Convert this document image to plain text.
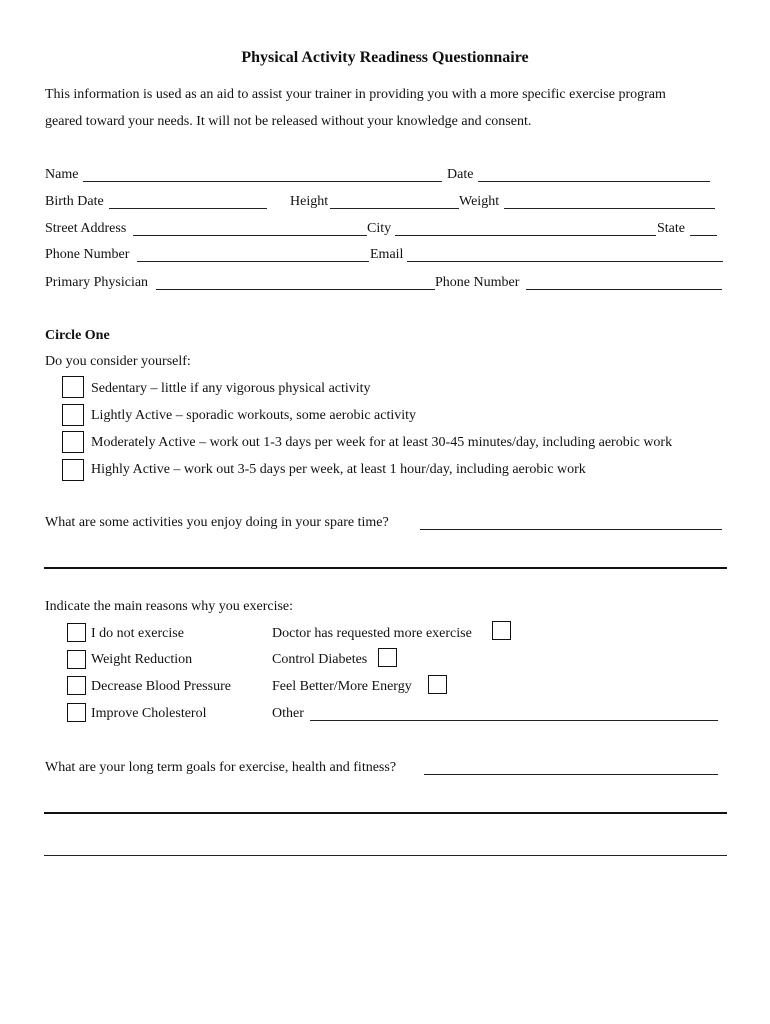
Physical Activity Readiness Questionnaire
This information is used as an aid to assist your trainer in providing you with a more specific exercise program
geared toward your needs. It will not be released without your knowledge and consent.
Name	Date
Birth Date	Height	Weight
Street Address	City	State
Phone Number	Email
Primary Physician	Phone Number
Circle One
Do you consider yourself:
Sedentary – little if any vigorous physical activity
Lightly Active – sporadic workouts, some aerobic activity
Moderately Active – work out 1-3 days per week for at least 30-45 minutes/day, including aerobic work
Highly Active – work out 3-5 days per week, at least 1 hour/day, including aerobic work
What are some activities you enjoy doing in your spare time?
Indicate the main reasons why you exercise:
I do not exercise	Doctor has requested more exercise
Weight Reduction	Control Diabetes
Decrease Blood Pressure	Feel Better/More Energy
Improve Cholesterol	Other
What are your long term goals for exercise, health and fitness?
